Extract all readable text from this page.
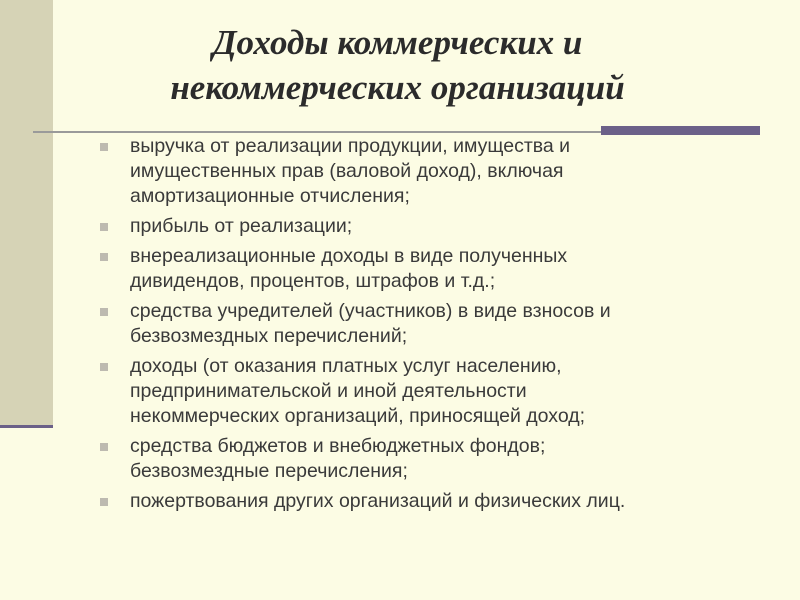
Доходы коммерческих и
некоммерческих организаций
выручка от реализации продукции, имущества и
имущественных прав (валовой доход), включая
амортизационные отчисления;
прибыль от реализации;
внереализационные доходы в виде полученных
дивидендов, процентов, штрафов и т.д.;
средства учредителей (участников) в виде взносов и
безвозмездных перечислений;
доходы (от оказания платных услуг населению,
предпринимательской и иной деятельности
некоммерческих организаций, приносящей доход;
средства бюджетов и внебюджетных фондов;
безвозмездные перечисления;
пожертвования других организаций и физических лиц.
